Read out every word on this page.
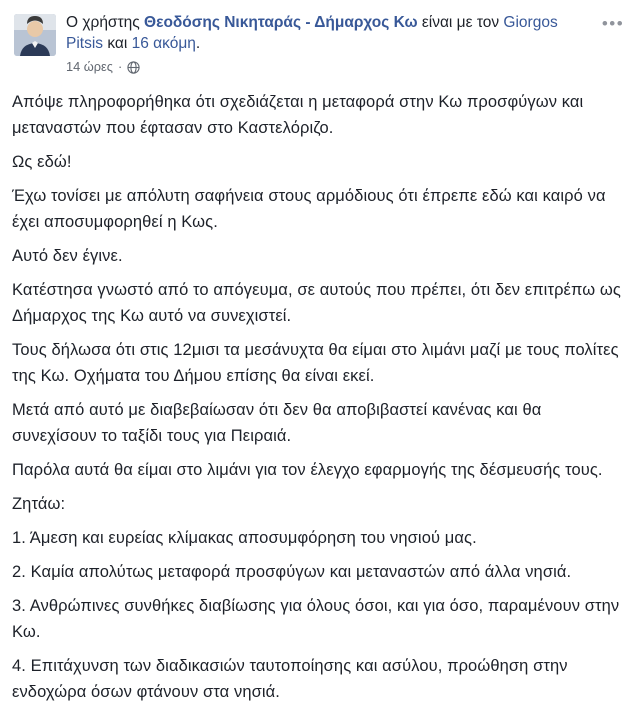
Ο χρήστης Θεοδόσης Νικηταράς - Δήμαρχος Κω είναι με τον Giorgos Pitsis και 16 ακόμη.
14 ώρες ·
•••

Απόψε πληροφορήθηκα ότι σχεδιάζεται η μεταφορά στην Κω προσφύγων και μεταναστών που έφτασαν στο Καστελόριζο.

Ως εδώ!

Έχω τονίσει με απόλυτη σαφήνεια στους αρμόδιους ότι έπρεπε εδώ και καιρό να έχει αποσυμφορηθεί η Κως.

Αυτό δεν έγινε.

Κατέστησα γνωστό από το απόγευμα, σε αυτούς που πρέπει, ότι δεν επιτρέπω ως Δήμαρχος της Κω αυτό να συνεχιστεί.

Τους δήλωσα ότι στις 12μισι τα μεσάνυχτα θα είμαι στο λιμάνι μαζί με τους πολίτες της Κω. Οχήματα του Δήμου επίσης θα είναι εκεί.

Μετά από αυτό με διαβεβαίωσαν ότι δεν θα αποβιβαστεί κανένας και θα συνεχίσουν το ταξίδι τους για Πειραιά.

Παρόλα αυτά θα είμαι στο λιμάνι για τον έλεγχο εφαρμογής της δέσμευσής τους.

Ζητάω:

1. Άμεση και ευρείας κλίμακας αποσυμφόρηση του νησιού μας.

2. Καμία απολύτως μεταφορά προσφύγων και μεταναστών από άλλα νησιά.

3. Ανθρώπινες συνθήκες διαβίωσης για όλους όσοι, και για όσο, παραμένουν στην Κω.

4. Επιτάχυνση των διαδικασιών ταυτοποίησης και ασύλου, προώθηση στην ενδοχώρα όσων φτάνουν στα νησιά.
